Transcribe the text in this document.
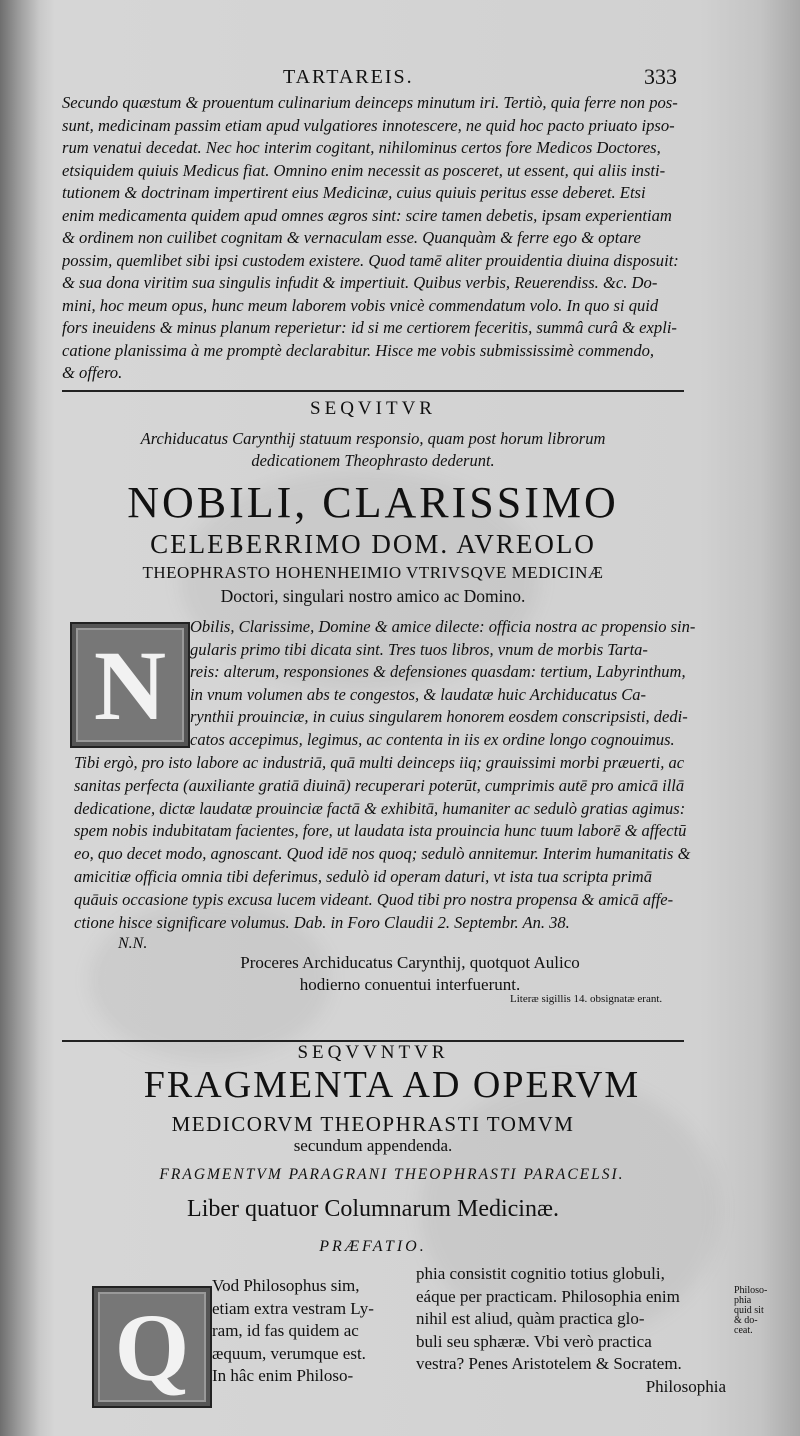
TARTAREIS.	333
Secundo quæstum & prouentum culinarium deinceps minutum iri. Tertiò, quia ferre non pos-
sunt, medicinam passim etiam apud vulgatiores innotescere, ne quid hoc pacto priuato ipso-
rum venatui decedat. Nec hoc interim cogitant, nihilominus certos fore Medicos Doctores,
etsiquidem quiuis Medicus fiat. Omnino enim necessit as posceret, ut essent, qui aliis insti-
tutionem & doctrinam impertirent eius Medicinæ, cuius quiuis peritus esse deberet. Etsi
enim medicamenta quidem apud omnes ægros sint: scire tamen debetis, ipsam experientiam
& ordinem non cuilibet cognitam & vernaculam esse. Quanquàm & ferre ego & optare
possim, quemlibet sibi ipsi custodem existere. Quod tamē aliter prouidentia diuina disposuit:
& sua dona viritim sua singulis infudit & impertiuit. Quibus verbis, Reuerendiss. &c. Do-
mini, hoc meum opus, hunc meum laborem vobis vnicè commendatum volo. In quo si quid
fors ineuidens & minus planum reperietur: id si me certiorem feceritis, summâ curâ & expli-
catione planissima à me promptè declarabitur. Hisce me vobis submississimè commendo,
& offero.
SEQVITVR
Archiducatus Carynthij statuum responsio, quam post horum librorum
dedicationem Theophrasto dederunt.
NOBILI, CLARISSIMO
CELEBERRIMO DOM. AVREOLO
THEOPHRASTO HOHENHEIMIO VTRIVSQVE MEDICINÆ
Doctori, singulari nostro amico ac Domino.
N
Obilis, Clarissime, Domine & amice dilecte: officia nostra ac propensio sin-
gularis primo tibi dicata sint. Tres tuos libros, vnum de morbis Tarta-
reis: alterum, responsiones & defensiones quasdam: tertium, Labyrinthum,
in vnum volumen abs te congestos, & laudatæ huic Archiducatus Ca-
rynthii prouinciæ, in cuius singularem honorem eosdem conscripsisti, dedi-
catos accepimus, legimus, ac contenta in iis ex ordine longo cognouimus.
Tibi ergò, pro isto labore ac industriā, quā multi deinceps iiq; grauissimi morbi præuerti, ac
sanitas perfecta (auxiliante gratiā diuinā) recuperari poterūt, cumprimis autē pro amicā illā
dedicatione, dictæ laudatæ prouinciæ factā & exhibitā, humaniter ac sedulò gratias agimus:
spem nobis indubitatam facientes, fore, ut laudata ista prouincia hunc tuum laborē & affectū
eo, quo decet modo, agnoscant. Quod idē nos quoq; sedulò annitemur. Interim humanitatis &
amicitiæ officia omnia tibi deferimus, sedulò id operam daturi, vt ista tua scripta primā
quāuis occasione typis excusa lucem videant. Quod tibi pro nostra propensa & amicā affe-
ctione hisce significare volumus. Dab. in Foro Claudii 2. Septembr. An. 38.
N.N.
Proceres Archiducatus Carynthij, quotquot Aulico
hodierno conuentui interfuerunt.
Literæ sigillis 14. obsignatæ erant.
SEQVVNTVR
FRAGMENTA AD OPERVM
MEDICORVM THEOPHRASTI TOMVM
secundum appendenda.
FRAGMENTVM PARAGRANI THEOPHRASTI PARACELSI.
Liber quatuor Columnarum Medicinæ.
PRÆFATIO.
Q
Vod Philosophus sim,
etiam extra vestram Ly-
ram, id fas quidem ac
æquum, verumque est.
In hâc enim Philoso-
phia consistit cognitio totius globuli,
eáque per practicam. Philosophia enim
nihil est aliud, quàm practica glo-
buli seu sphæræ. Vbi verò practica
vestra? Penes Aristotelem & Socratem.
Philosophia
Philoso-
phia
quid sit
& do-
ceat.
